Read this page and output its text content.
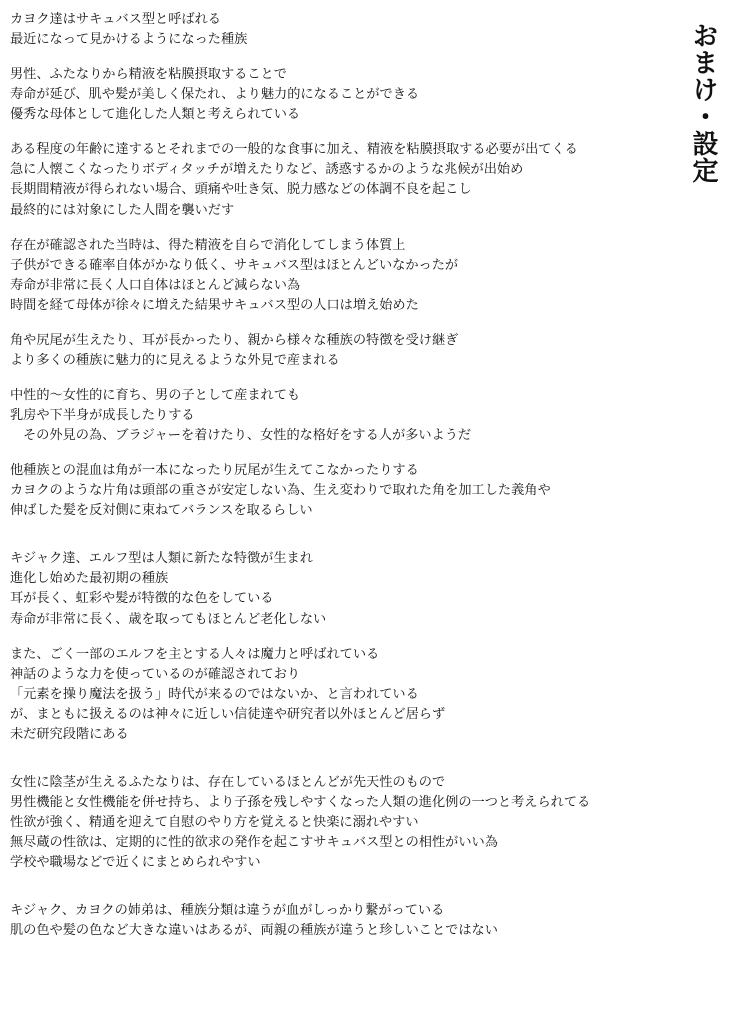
おまけ・設定
カヨク達はサキュバス型と呼ばれる
最近になって見かけるようになった種族
男性、ふたなりから精液を粘膜摂取することで
寿命が延び、肌や髪が美しく保たれ、より魅力的になることができる
優秀な母体として進化した人類と考えられている
ある程度の年齢に達するとそれまでの一般的な食事に加え、精液を粘膜摂取する必要が出てくる
急に人懐こくなったりボディタッチが増えたりなど、誘惑するかのような兆候が出始め
長期間精液が得られない場合、頭痛や吐き気、脱力感などの体調不良を起こし
最終的には対象にした人間を襲いだす
存在が確認された当時は、得た精液を自らで消化してしまう体質上
子供ができる確率自体がかなり低く、サキュバス型はほとんどいなかったが
寿命が非常に長く人口自体はほとんど減らない為
時間を経て母体が徐々に増えた結果サキュバス型の人口は増え始めた
角や尻尾が生えたり、耳が長かったり、親から様々な種族の特徴を受け継ぎ
より多くの種族に魅力的に見えるような外見で産まれる
中性的〜女性的に育ち、男の子として産まれても
乳房や下半身が成長したりする
その外見の為、ブラジャーを着けたり、女性的な格好をする人が多いようだ
他種族との混血は角が一本になったり尻尾が生えてこなかったりする
カヨクのような片角は頭部の重さが安定しない為、生え変わりで取れた角を加工した義角や
伸ばした髪を反対側に束ねてバランスを取るらしい
キジャク達、エルフ型は人類に新たな特徴が生まれ
進化し始めた最初期の種族
耳が長く、虹彩や髪が特徴的な色をしている
寿命が非常に長く、歳を取ってもほとんど老化しない
また、ごく一部のエルフを主とする人々は魔力と呼ばれている
神話のような力を使っているのが確認されており
「元素を操り魔法を扱う」時代が来るのではないか、と言われている
が、まともに扱えるのは神々に近しい信徒達や研究者以外ほとんど居らず
未だ研究段階にある
女性に陰茎が生えるふたなりは、存在しているほとんどが先天性のもので
男性機能と女性機能を併せ持ち、より子孫を残しやすくなった人類の進化例の一つと考えられてる
性欲が強く、精通を迎えて自慰のやり方を覚えると快楽に溺れやすい
無尽蔵の性欲は、定期的に性的欲求の発作を起こすサキュバス型との相性がいい為
学校や職場などで近くにまとめられやすい
キジャク、カヨクの姉弟は、種族分類は違うが血がしっかり繋がっている
肌の色や髪の色など大きな違いはあるが、両親の種族が違うと珍しいことではない
